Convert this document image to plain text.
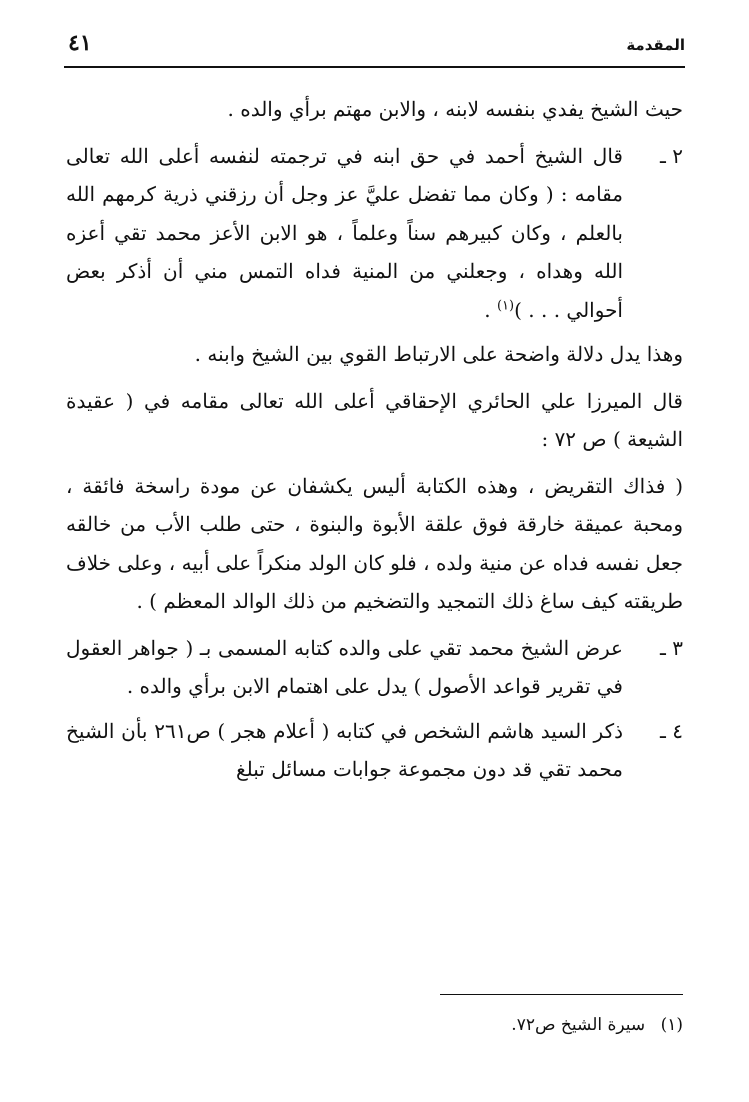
المقدمة
٤١

حيث الشيخ يفدي بنفسه لابنه ، والابن مهتم برأي والده .

٢ ـ
قال الشيخ أحمد في حق ابنه في ترجمته لنفسه أعلى الله تعالى مقامه : ( وكان مما تفضل عليَّ عز وجل أن رزقني ذرية كرمهم الله بالعلم ، وكان كبيرهم سناً وعلماً ، هو الابن الأعز محمد تقي أعزه الله وهداه ، وجعلني من المنية فداه التمس مني أن أذكر بعض أحوالي . . . )$^{(١)}$ .

وهذا يدل دلالة واضحة على الارتباط القوي بين الشيخ وابنه .

قال الميرزا علي الحائري الإحقاقي أعلى الله تعالى مقامه في ( عقيدة الشيعة ) ص ٧٢ :

( فذاك التقريض ، وهذه الكتابة أليس يكشفان عن مودة راسخة فائقة ، ومحبة عميقة خارقة فوق علقة الأبوة والبنوة ، حتى طلب الأب من خالقه جعل نفسه فداه عن منية ولده ، فلو كان الولد منكراً على أبيه ، وعلى خلاف طريقته كيف ساغ ذلك التمجيد والتضخيم من ذلك الوالد المعظم ) .

٣ ـ
عرض الشيخ محمد تقي على والده كتابه المسمى بـ ( جواهر العقول في تقرير قواعد الأصول ) يدل على اهتمام الابن برأي والده .
٤ ـ
ذكر السيد هاشم الشخص في كتابه ( أعلام هجر ) ص٢٦١ بأن الشيخ محمد تقي قد دون مجموعة جوابات مسائل تبلغ
(١) سيرة الشيخ ص٧٢.
